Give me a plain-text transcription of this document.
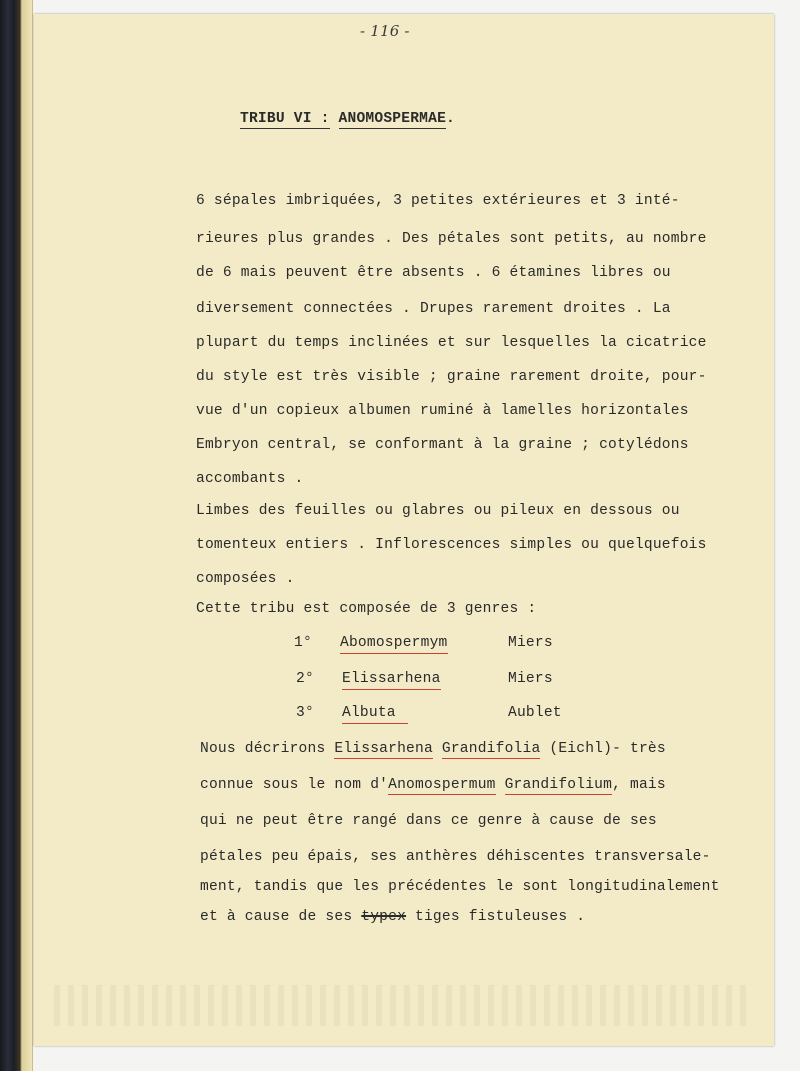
- 116 -
TRIBU VI : ANOMOSPERMAE.
6 sépales imbriquées, 3 petites extérieures et 3 inté-
rieures plus grandes . Des pétales sont petits, au nombre
de 6 mais peuvent être absents . 6 étamines libres ou
diversement connectées . Drupes rarement droites . La
plupart du temps inclinées et sur lesquelles la cicatrice
du style est très visible ; graine rarement droite, pour-
vue d'un copieux albumen ruminé à lamelles horizontales
Embryon central, se conformant à la graine ; cotylédons
accombants .
Limbes des feuilles ou glabres ou pileux en dessous ou
tomenteux entiers . Inflorescences simples ou quelquefois
composées .
Cette tribu est composée de 3 genres :
1° Abomospermym	Miers
2° Elissarhena	Miers
3° Albuta	Aublet
Nous décrirons Elissarhena Grandifolia (Eichl)- très
connue sous le nom d'Anomospermum Grandifolium, mais
qui ne peut être rangé dans ce genre à cause de ses
pétales peu épais, ses anthères déhiscentes transversale-
ment, tandis que les précédentes le sont longitudinalement
et à cause de ses typex tiges fistuleuses .
